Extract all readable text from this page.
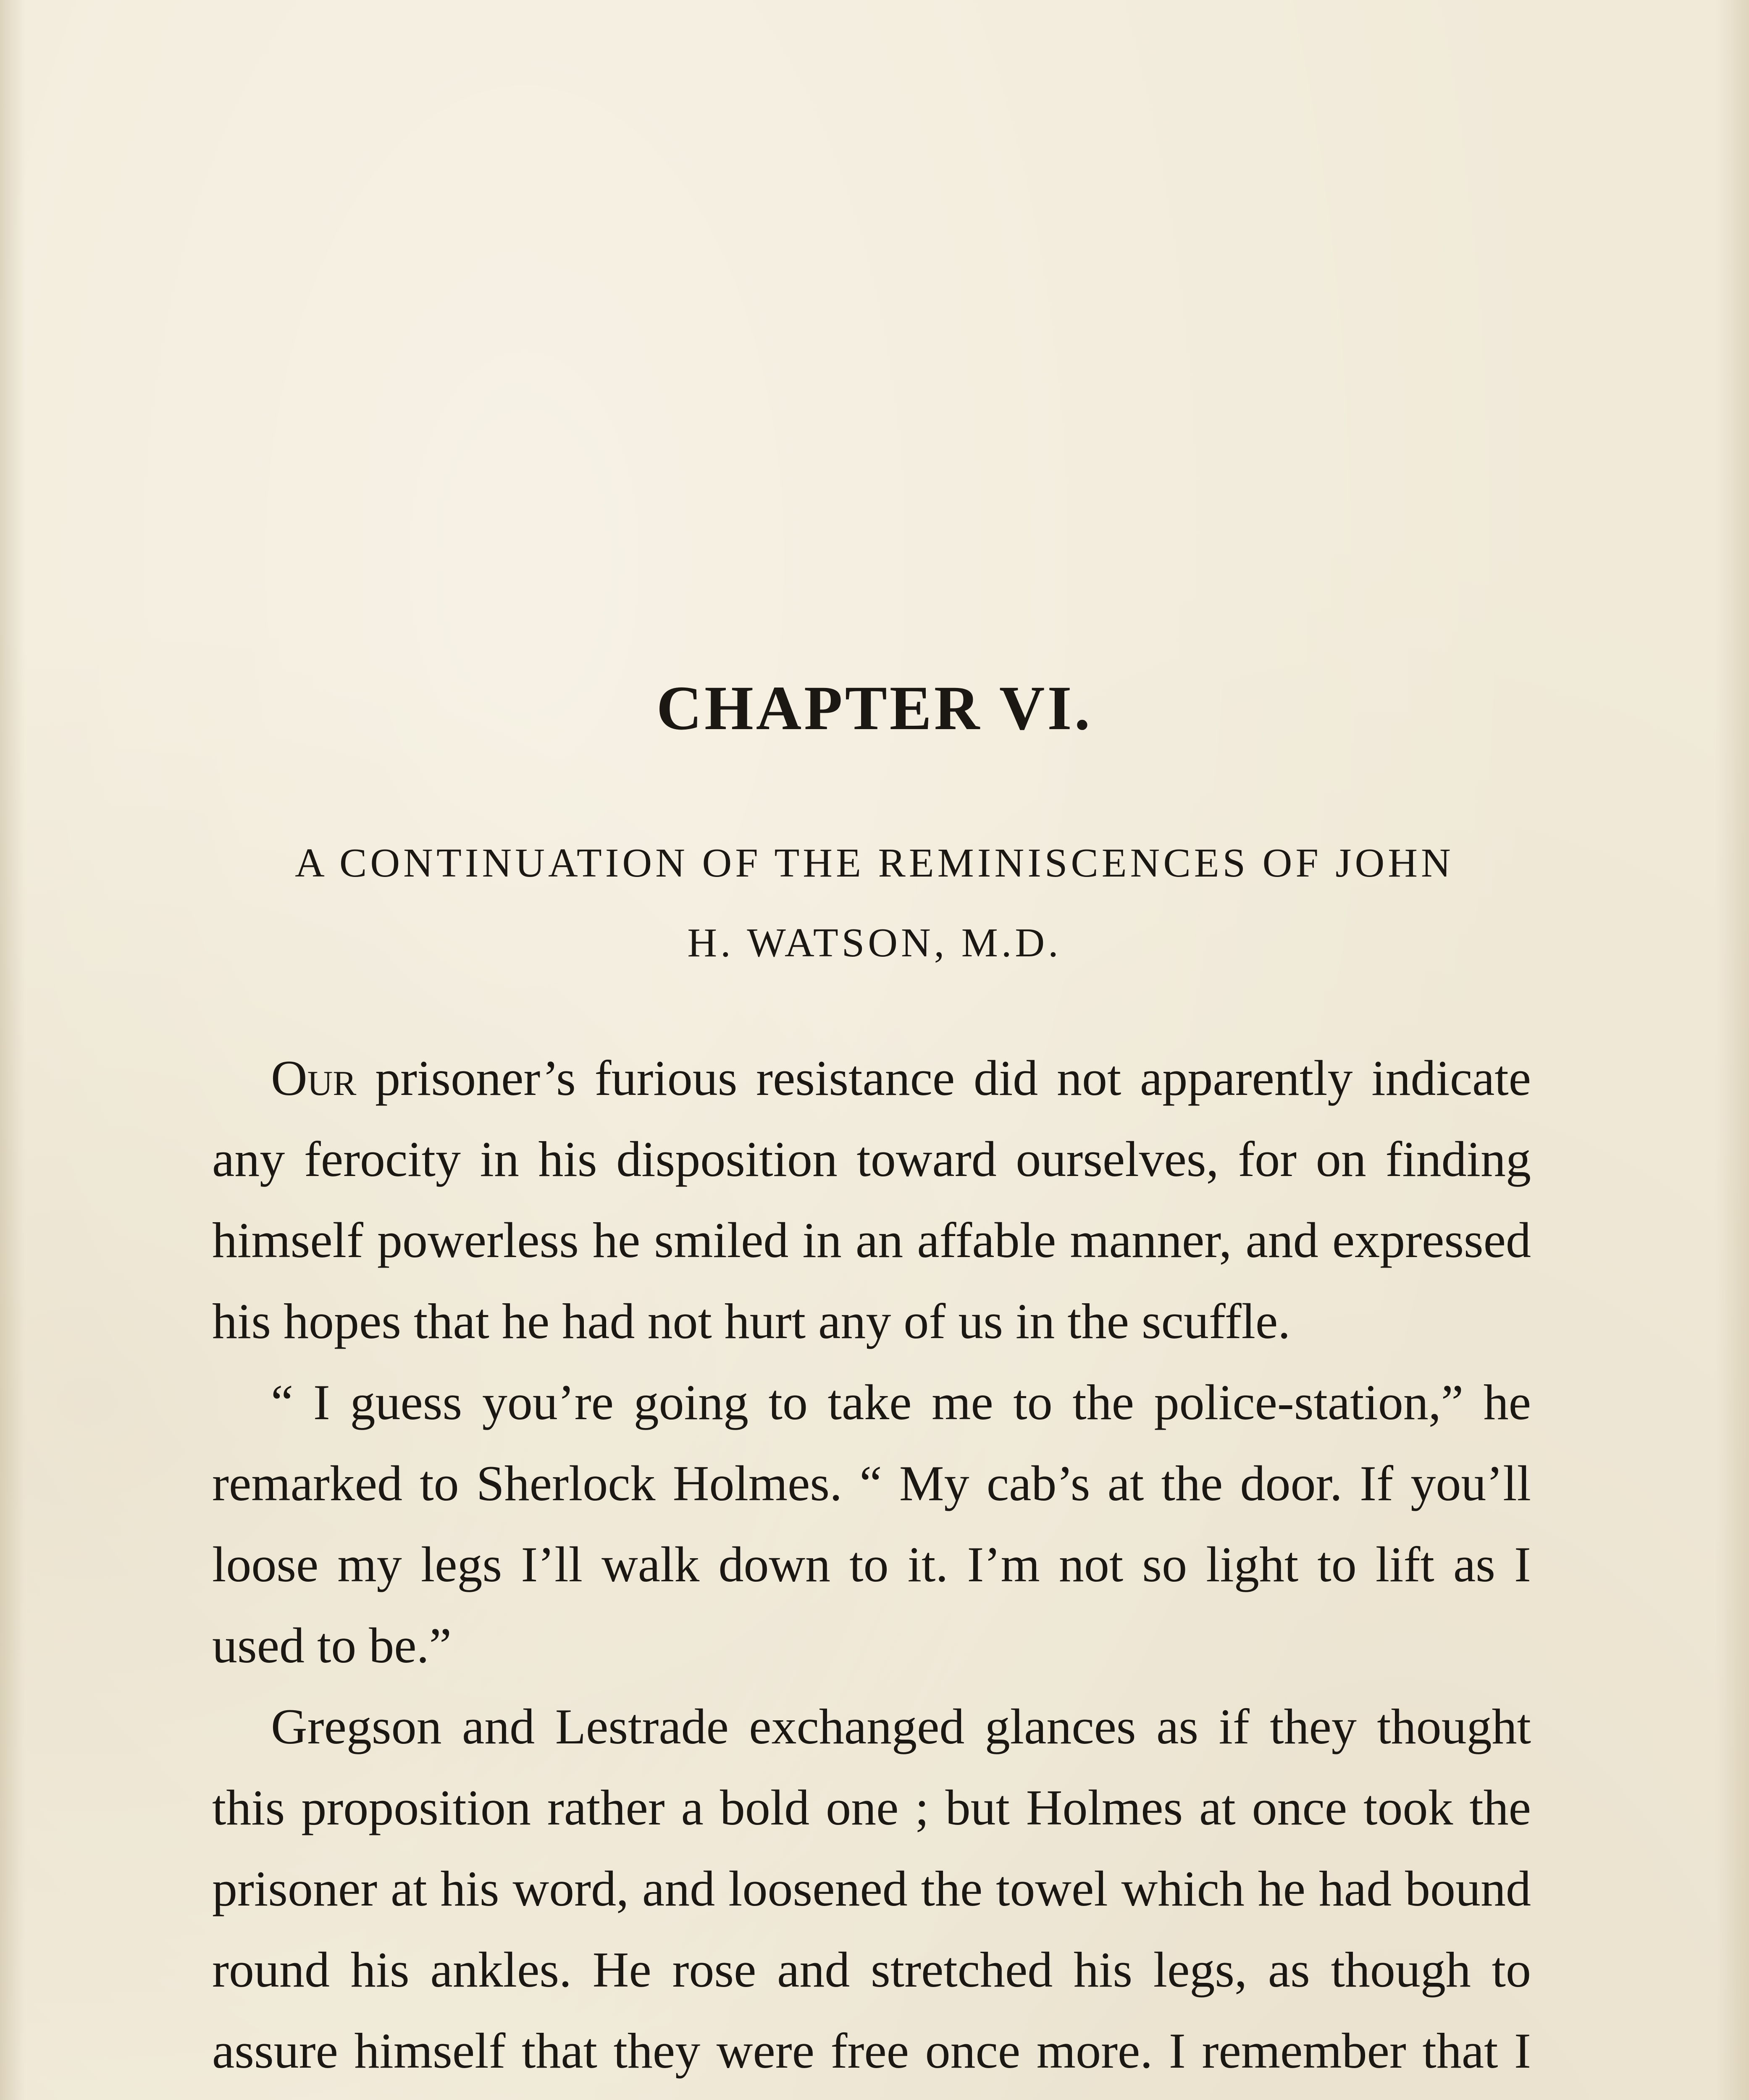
CHAPTER VI.
A CONTINUATION OF THE REMINISCENCES OF JOHN
H. WATSON, M.D.

Our prisoner’s furious resistance did not apparently indicate any ferocity in his disposition toward ourselves, for on finding himself powerless he smiled in an affable manner, and expressed his hopes that he had not hurt any of us in the scuffle.

“ I guess you’re going to take me to the police-station,” he remarked to Sherlock Holmes. “ My cab’s at the door. If you’ll loose my legs I’ll walk down to it. I’m not so light to lift as I used to be.”

Gregson and Lestrade exchanged glances as if they thought this proposition rather a bold one ; but Holmes at once took the prisoner at his word, and loosened the towel which he had bound round his ankles. He rose and stretched his legs, as though to assure himself that they were free once more. I remember that I
